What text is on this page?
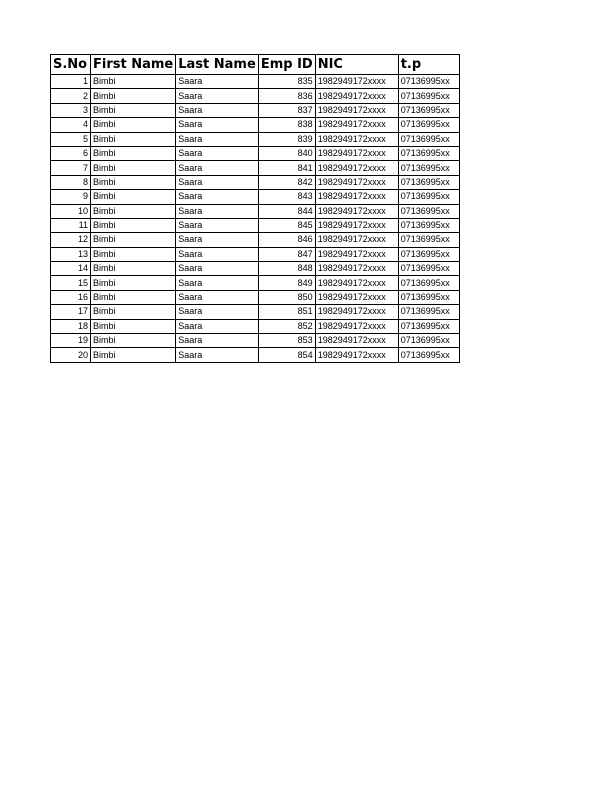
S.No	First Name	Last Name	Emp ID	NIC	t.p
1	Bimbi	Saara	835	1982949172xxxx	07136995xx
2	Bimbi	Saara	836	1982949172xxxx	07136995xx
3	Bimbi	Saara	837	1982949172xxxx	07136995xx
4	Bimbi	Saara	838	1982949172xxxx	07136995xx
5	Bimbi	Saara	839	1982949172xxxx	07136995xx
6	Bimbi	Saara	840	1982949172xxxx	07136995xx
7	Bimbi	Saara	841	1982949172xxxx	07136995xx
8	Bimbi	Saara	842	1982949172xxxx	07136995xx
9	Bimbi	Saara	843	1982949172xxxx	07136995xx
10	Bimbi	Saara	844	1982949172xxxx	07136995xx
11	Bimbi	Saara	845	1982949172xxxx	07136995xx
12	Bimbi	Saara	846	1982949172xxxx	07136995xx
13	Bimbi	Saara	847	1982949172xxxx	07136995xx
14	Bimbi	Saara	848	1982949172xxxx	07136995xx
15	Bimbi	Saara	849	1982949172xxxx	07136995xx
16	Bimbi	Saara	850	1982949172xxxx	07136995xx
17	Bimbi	Saara	851	1982949172xxxx	07136995xx
18	Bimbi	Saara	852	1982949172xxxx	07136995xx
19	Bimbi	Saara	853	1982949172xxxx	07136995xx
20	Bimbi	Saara	854	1982949172xxxx	07136995xx
